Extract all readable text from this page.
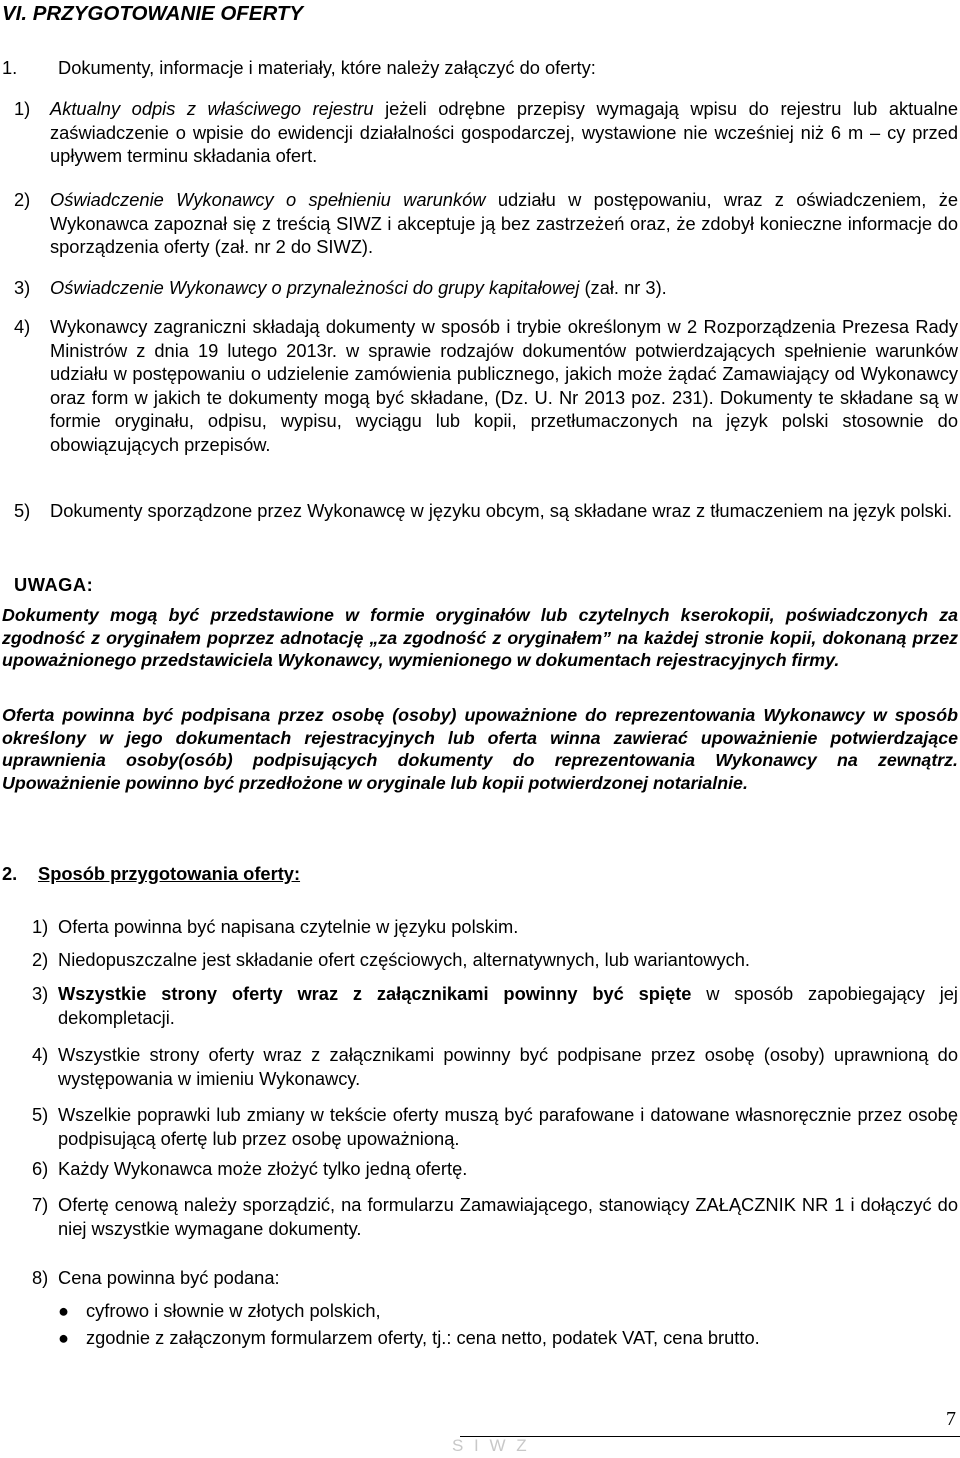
VI. PRZYGOTOWANIE OFERTY
1. Dokumenty, informacje i materiały, które należy załączyć do oferty:
1) Aktualny odpis z właściwego rejestru jeżeli odrębne przepisy wymagają wpisu do rejestru lub aktualne zaświadczenie o wpisie do ewidencji działalności gospodarczej, wystawione nie wcześniej niż 6 m – cy przed upływem terminu składania ofert.
2) Oświadczenie Wykonawcy o spełnieniu warunków udziału w postępowaniu, wraz z oświadczeniem, że Wykonawca zapoznał się z treścią SIWZ i akceptuje ją bez zastrzeżeń oraz, że zdobył konieczne informacje do sporządzenia oferty (zał. nr 2 do SIWZ).
3) Oświadczenie Wykonawcy o przynależności do grupy kapitałowej (zał. nr 3).
4) Wykonawcy zagraniczni składają dokumenty w sposób i trybie określonym w 2 Rozporządzenia Prezesa Rady Ministrów z dnia 19 lutego 2013r. w sprawie rodzajów dokumentów potwierdzających spełnienie warunków udziału w postępowaniu o udzielenie zamówienia publicznego, jakich może żądać Zamawiający od Wykonawcy oraz form w jakich te dokumenty mogą być składane, (Dz. U. Nr 2013 poz. 231). Dokumenty te składane są w formie oryginału, odpisu, wypisu, wyciągu lub kopii, przetłumaczonych na język polski stosownie do obowiązujących przepisów.
5) Dokumenty sporządzone przez Wykonawcę w języku obcym, są składane wraz z tłumaczeniem na język polski.
UWAGA:
Dokumenty mogą być przedstawione w formie oryginałów lub czytelnych kserokopii, poświadczonych za zgodność z oryginałem poprzez adnotację „za zgodność z oryginałem” na każdej stronie kopii, dokonaną przez upoważnionego przedstawiciela Wykonawcy, wymienionego w dokumentach rejestracyjnych firmy.
Oferta powinna być podpisana przez osobę (osoby) upoważnione do reprezentowania Wykonawcy w sposób określony w jego dokumentach rejestracyjnych lub oferta winna zawierać upoważnienie potwierdzające uprawnienia osoby(osób) podpisujących dokumenty do reprezentowania Wykonawcy na zewnątrz. Upoważnienie powinno być przedłożone w oryginale lub kopii potwierdzonej notarialnie.
2. Sposób przygotowania oferty:
1) Oferta powinna być napisana czytelnie w języku polskim.
2) Niedopuszczalne jest składanie ofert częściowych, alternatywnych, lub wariantowych.
3) Wszystkie strony oferty wraz z załącznikami powinny być spięte w sposób zapobiegający jej dekompletacji.
4) Wszystkie strony oferty wraz z załącznikami powinny być podpisane przez osobę (osoby) uprawnioną do występowania w imieniu Wykonawcy.
5) Wszelkie poprawki lub zmiany w tekście oferty muszą być parafowane i datowane własnoręcznie przez osobę podpisującą ofertę lub przez osobę upoważnioną.
6) Każdy Wykonawca może złożyć tylko jedną ofertę.
7) Ofertę cenową należy sporządzić, na formularzu Zamawiającego, stanowiący ZAŁĄCZNIK NR 1 i dołączyć do niej wszystkie wymagane dokumenty.
8) Cena powinna być podana:
● cyfrowo i słownie w złotych polskich,
● zgodnie z załączonym formularzem oferty, tj.: cena netto, podatek VAT, cena brutto.
7
S I W Z
